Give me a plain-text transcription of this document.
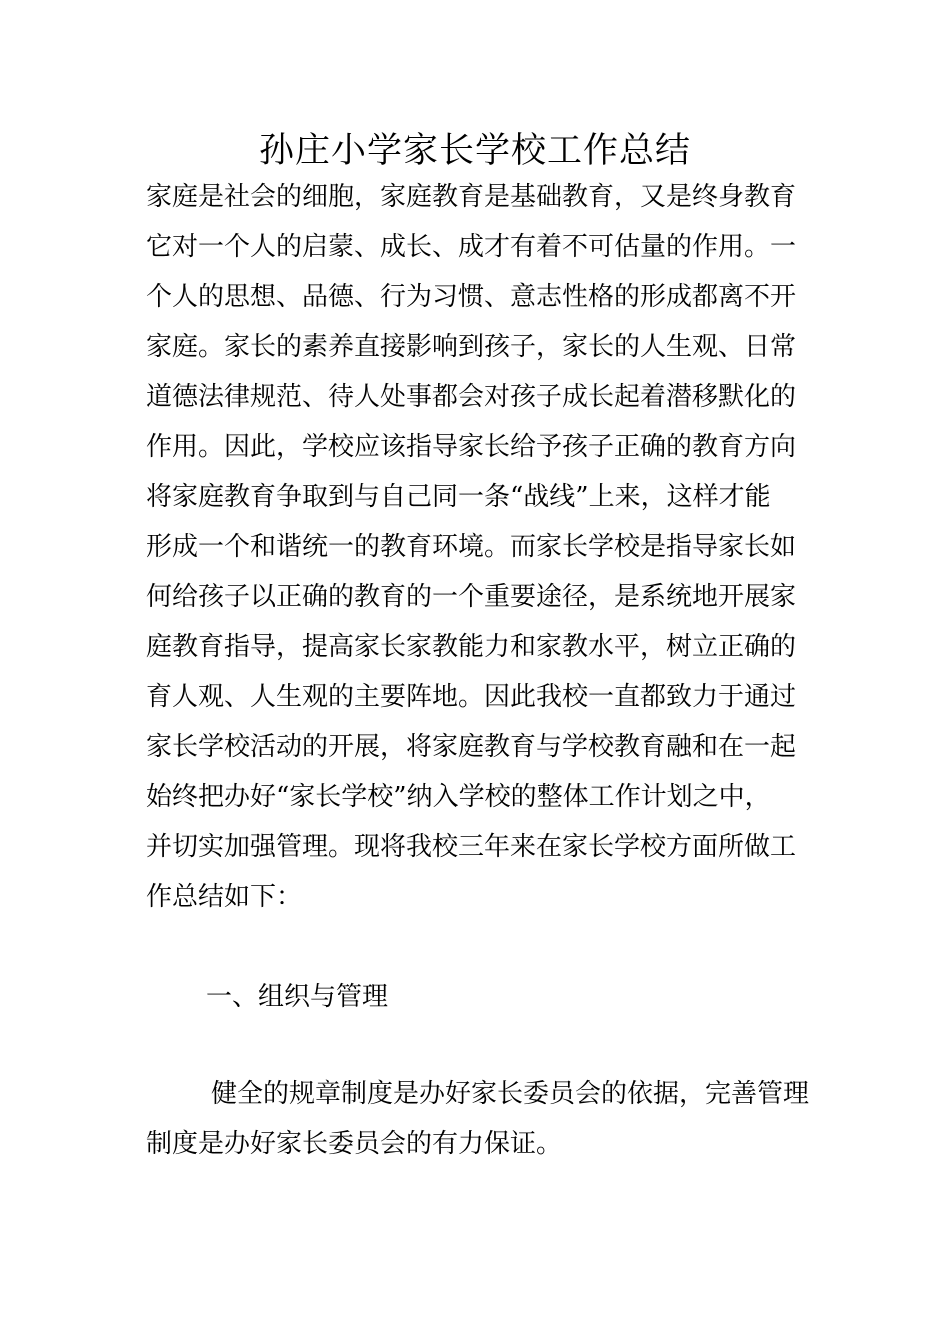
孙庄小学家长学校工作总结

家庭是社会的细胞，家庭教育是基础教育，又是终身教育

它对一个人的启蒙、成长、成才有着不可估量的作用。一

个人的思想、品德、行为习惯、意志性格的形成都离不开

家庭。家长的素养直接影响到孩子，家长的人生观、日常

道德法律规范、待人处事都会对孩子成长起着潜移默化的

作用。因此，学校应该指导家长给予孩子正确的教育方向

将家庭教育争取到与自己同一条“战线”上来，这样才能

形成一个和谐统一的教育环境。而家长学校是指导家长如

何给孩子以正确的教育的一个重要途径，是系统地开展家

庭教育指导，提高家长家教能力和家教水平，树立正确的

育人观、人生观的主要阵地。因此我校一直都致力于通过

家长学校活动的开展，将家庭教育与学校教育融和在一起

始终把办好“家长学校”纳入学校的整体工作计划之中，

并切实加强管理。现将我校三年来在家长学校方面所做工

作总结如下：

一、组织与管理

健全的规章制度是办好家长委员会的依据，完善管理

制度是办好家长委员会的有力保证。
